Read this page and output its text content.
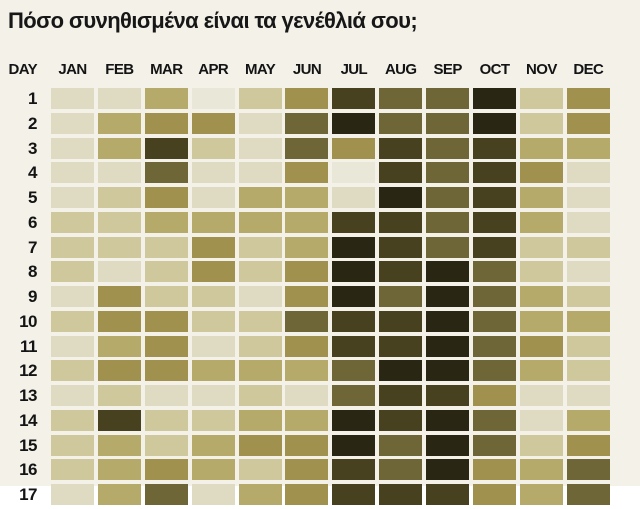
Πόσο συνηθισμένα είναι τα γενέθλιά σου;
DAY	JAN	FEB	MAR	APR	MAY	JUN	JUL	AUG	SEP	OCT	NOV	DEC
1
2
3
4
5
6
7
8
9
10
11
12
13
14
15
16
17
